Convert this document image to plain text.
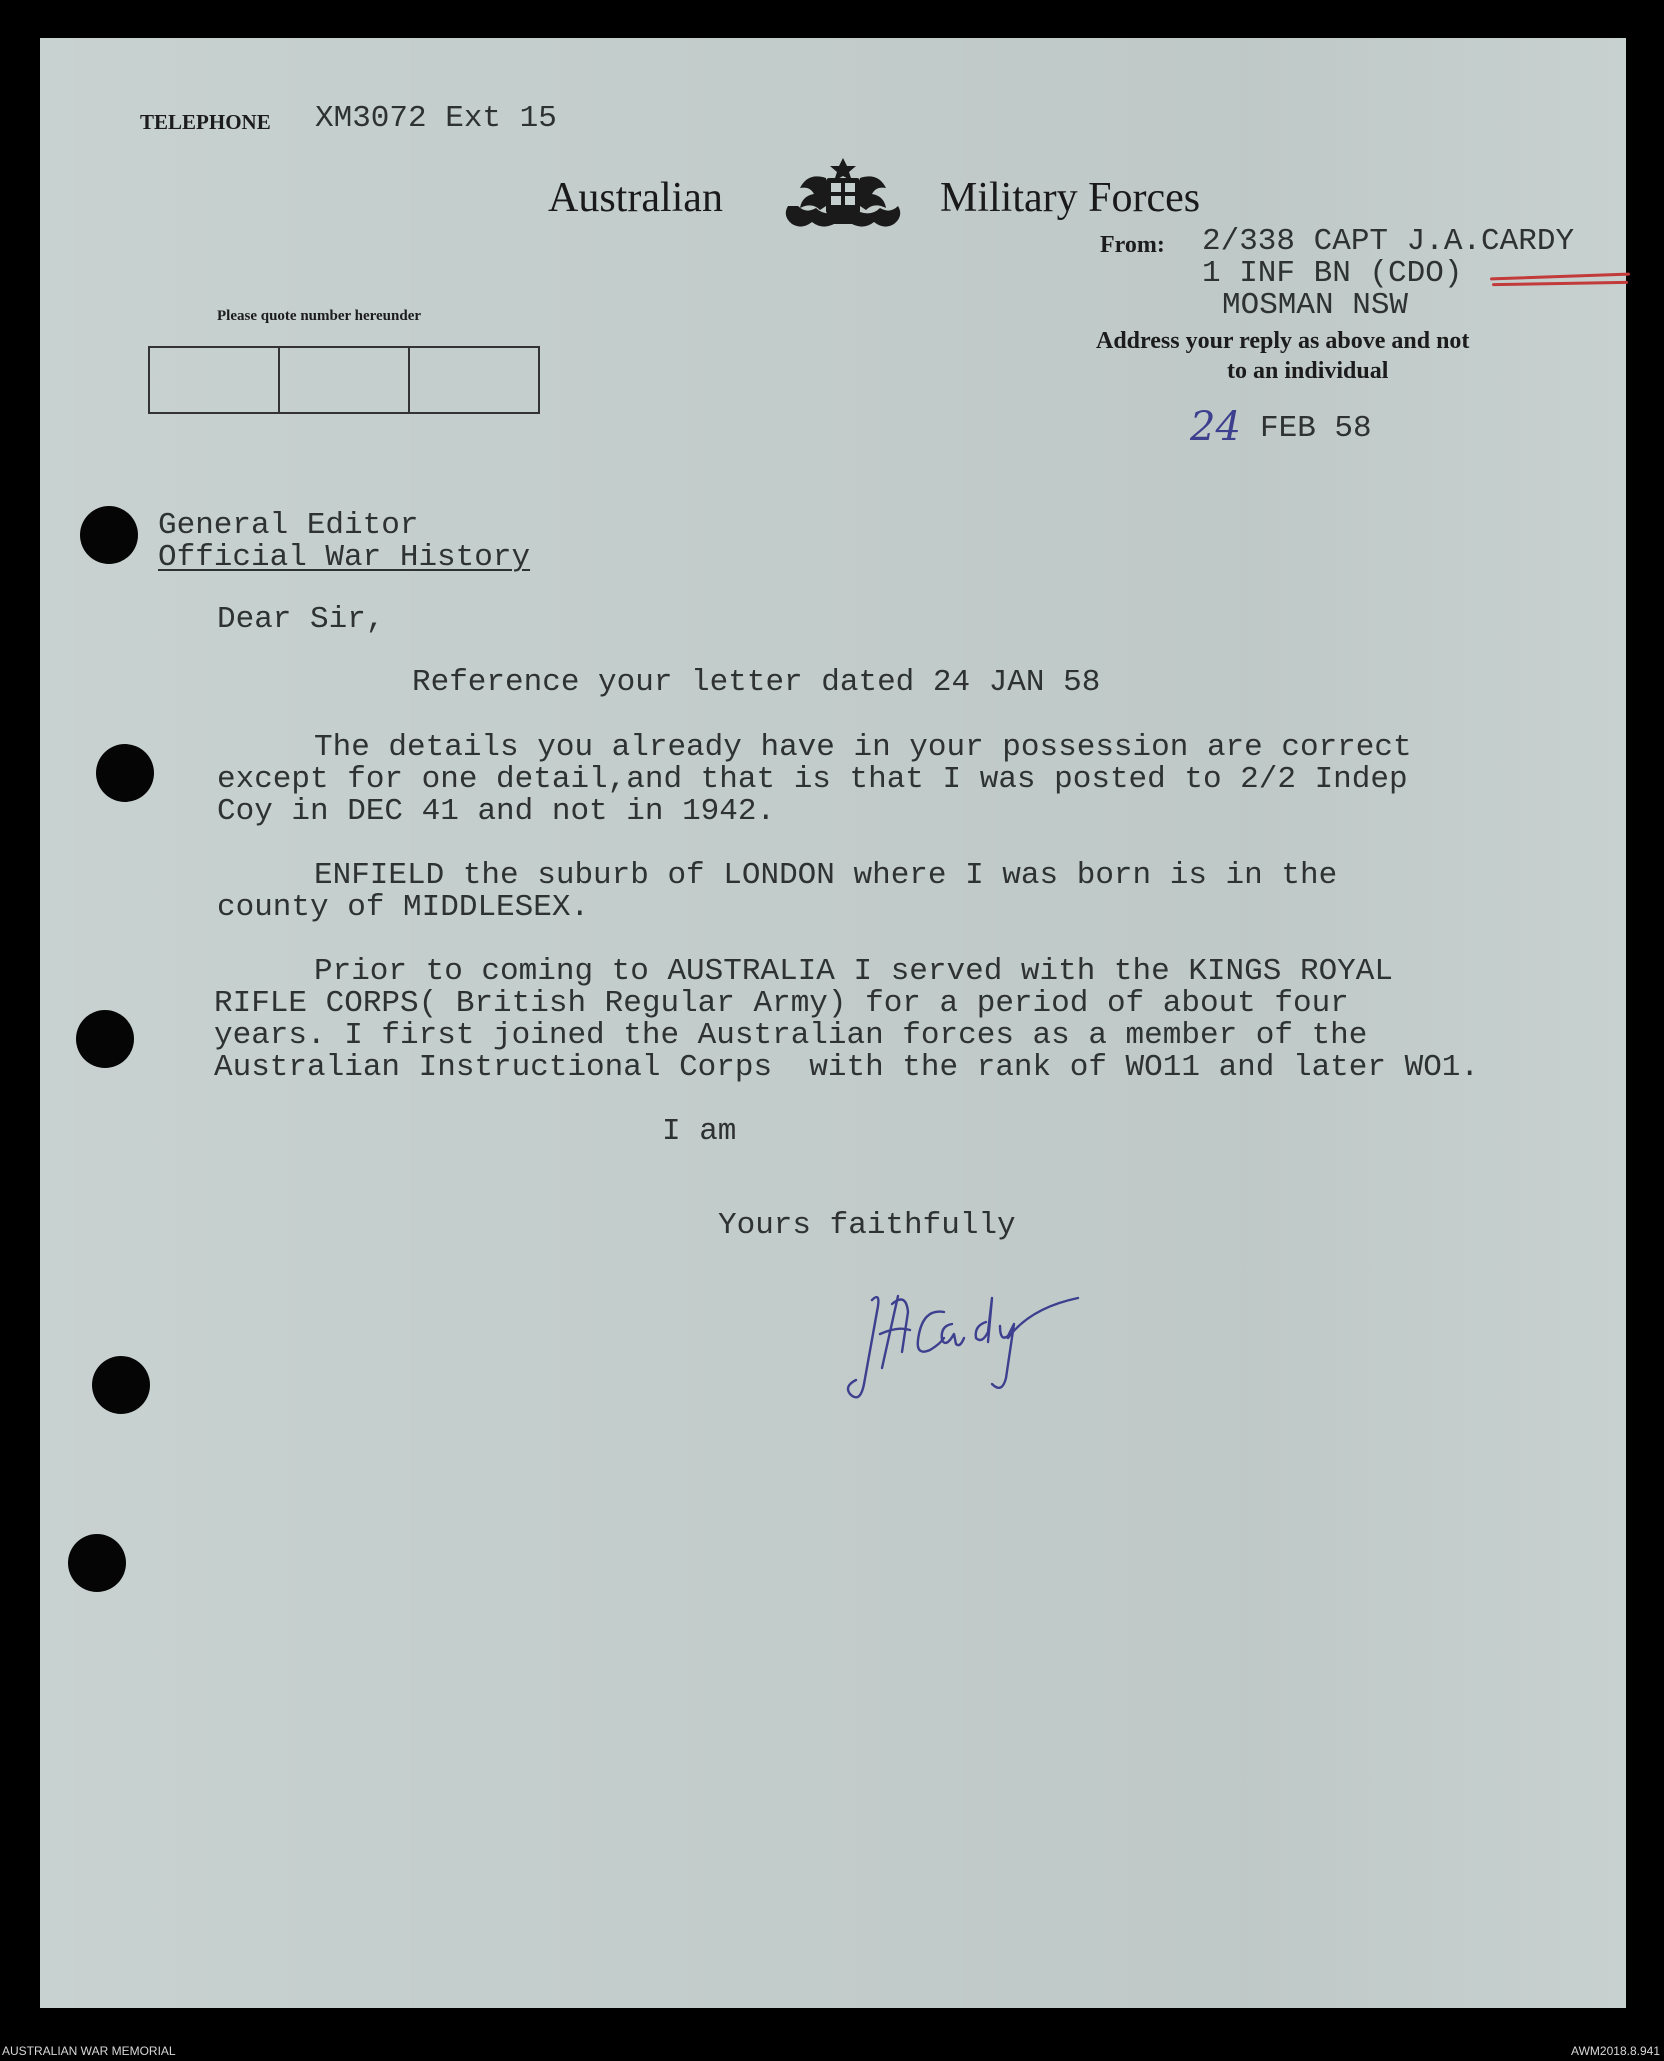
TELEPHONE XM3072 Ext 15
Australian	Military Forces
From: 2/338 CAPT J.A.CARDY
1 INF BN (CDO)
MOSMAN NSW
Address your reply as above and not
to an individual
Please quote number hereunder
24 FEB 58
General Editor
Official War History
Dear Sir,
Reference your letter dated 24 JAN 58
The details you already have in your possession are correct
except for one detail,and that is that I was posted to 2/2 Indep
Coy in DEC 41 and not in 1942.
ENFIELD the suburb of LONDON where I was born is in the
county of MIDDLESEX.
Prior to coming to AUSTRALIA I served with the KINGS ROYAL
RIFLE CORPS( British Regular Army) for a period of about four
years. I first joined the Australian forces as a member of the
Australian Instructional Corps  with the rank of WO11 and later WO1.
I am
Yours faithfully
AUSTRALIAN WAR MEMORIAL	AWM2018.8.941
